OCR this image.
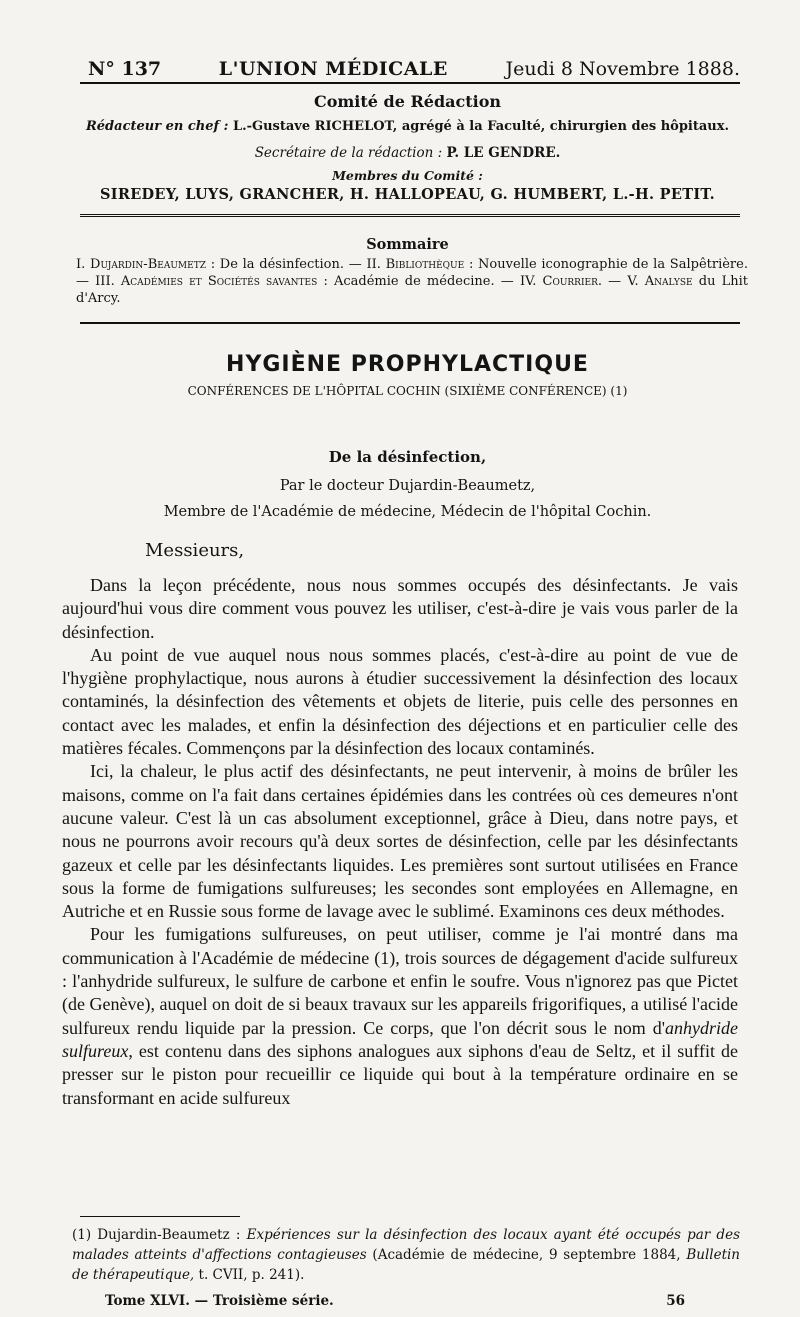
N° 137	L'UNION MÉDICALE	Jeudi 8 Novembre 1888.
Comité de Rédaction
Rédacteur en chef : L.-Gustave RICHELOT, agrégé à la Faculté, chirurgien des hôpitaux.
Secrétaire de la rédaction : P. LE GENDRE.
Membres du Comité :
SIREDEY, LUYS, GRANCHER, H. HALLOPEAU, G. HUMBERT, L.-H. PETIT.
Sommaire
I. Dujardin-Beaumetz : De la désinfection. — II. Bibliothèque : Nouvelle iconographie de la Salpêtrière. — III. Académies et Sociétés savantes : Académie de médecine. — IV. Courrier. — V. Analyse du Lhit d'Arcy.
HYGIÈNE PROPHYLACTIQUE
CONFÉRENCES DE L'HÔPITAL COCHIN (SIXIÈME CONFÉRENCE) (1)
De la désinfection,
Par le docteur Dujardin-Beaumetz,
Membre de l'Académie de médecine, Médecin de l'hôpital Cochin.
Messieurs,

Dans la leçon précédente, nous nous sommes occupés des désinfectants. Je vais aujourd'hui vous dire comment vous pouvez les utiliser, c'est-à-dire je vais vous parler de la désinfection.

Au point de vue auquel nous nous sommes placés, c'est-à-dire au point de vue de l'hygiène prophylactique, nous aurons à étudier successivement la désinfection des locaux contaminés, la désinfection des vêtements et objets de literie, puis celle des personnes en contact avec les malades, et enfin la désinfection des déjections et en particulier celle des matières fécales. Commençons par la désinfection des locaux contaminés.

Ici, la chaleur, le plus actif des désinfectants, ne peut intervenir, à moins de brûler les maisons, comme on l'a fait dans certaines épidémies dans les contrées où ces demeures n'ont aucune valeur. C'est là un cas absolument exceptionnel, grâce à Dieu, dans notre pays, et nous ne pourrons avoir recours qu'à deux sortes de désinfection, celle par les désinfectants gazeux et celle par les désinfectants liquides. Les premières sont surtout utilisées en France sous la forme de fumigations sulfureuses; les secondes sont employées en Allemagne, en Autriche et en Russie sous forme de lavage avec le sublimé. Examinons ces deux méthodes.

Pour les fumigations sulfureuses, on peut utiliser, comme je l'ai montré dans ma communication à l'Académie de médecine (1), trois sources de dégagement d'acide sulfureux : l'anhydride sulfureux, le sulfure de carbone et enfin le soufre. Vous n'ignorez pas que Pictet (de Genève), auquel on doit de si beaux travaux sur les appareils frigorifiques, a utilisé l'acide sulfureux rendu liquide par la pression. Ce corps, que l'on décrit sous le nom d'anhydride sulfureux, est contenu dans des siphons analogues aux siphons d'eau de Seltz, et il suffit de presser sur le piston pour recueillir ce liquide qui bout à la température ordinaire en se transformant en acide sulfureux

(1) Dujardin-Beaumetz : Expériences sur la désinfection des locaux ayant été occupés par des malades atteints d'affections contagieuses (Académie de médecine, 9 septembre 1884, Bulletin de thérapeutique, t. CVII, p. 241).
Tome XLVI. — Troisième série.	56
